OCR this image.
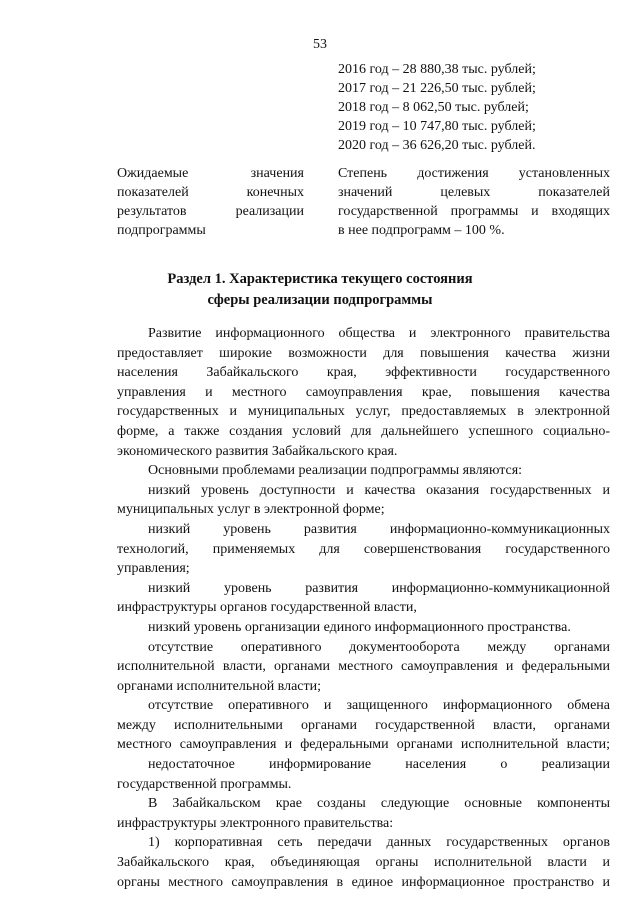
53
2016 год – 28 880,38 тыс. рублей;
2017 год – 21 226,50 тыс. рублей;
2018 год – 8 062,50 тыс. рублей;
2019 год – 10 747,80 тыс. рублей;
2020 год – 36 626,20 тыс. рублей.
Ожидаемые значения
показателей конечных
результатов реализации
подпрограммы
Степень достижения установленных
значений целевых показателей
государственной программы и входящих
в нее подпрограмм – 100 %.
Раздел 1. Характеристика текущего состояния
сферы реализации подпрограммы
Развитие информационного общества и электронного правительства
предоставляет широкие возможности для повышения качества жизни
населения Забайкальского края, эффективности государственного
управления и местного самоуправления крае, повышения качества
государственных и муниципальных услуг, предоставляемых в электронной
форме, а также создания условий для дальнейшего успешного социально-
экономического развития Забайкальского края.
Основными проблемами реализации подпрограммы являются:
низкий уровень доступности и качества оказания государственных и
муниципальных услуг в электронной форме;
низкий уровень развития информационно-коммуникационных
технологий, применяемых для совершенствования государственного
управления;
низкий уровень развития информационно-коммуникационной
инфраструктуры органов государственной власти,
низкий уровень организации единого информационного пространства.
отсутствие оперативного документооборота между органами
исполнительной власти, органами местного самоуправления и федеральными
органами исполнительной власти;
отсутствие оперативного и защищенного информационного обмена
между исполнительными органами государственной власти, органами
местного самоуправления и федеральными органами исполнительной власти;
недостаточное информирование населения о реализации
государственной программы.
В Забайкальском крае созданы следующие основные компоненты
инфраструктуры электронного правительства:
1) корпоративная сеть передачи данных государственных органов
Забайкальского края, объединяющая органы исполнительной власти и
органы местного самоуправления в единое информационное пространство и
